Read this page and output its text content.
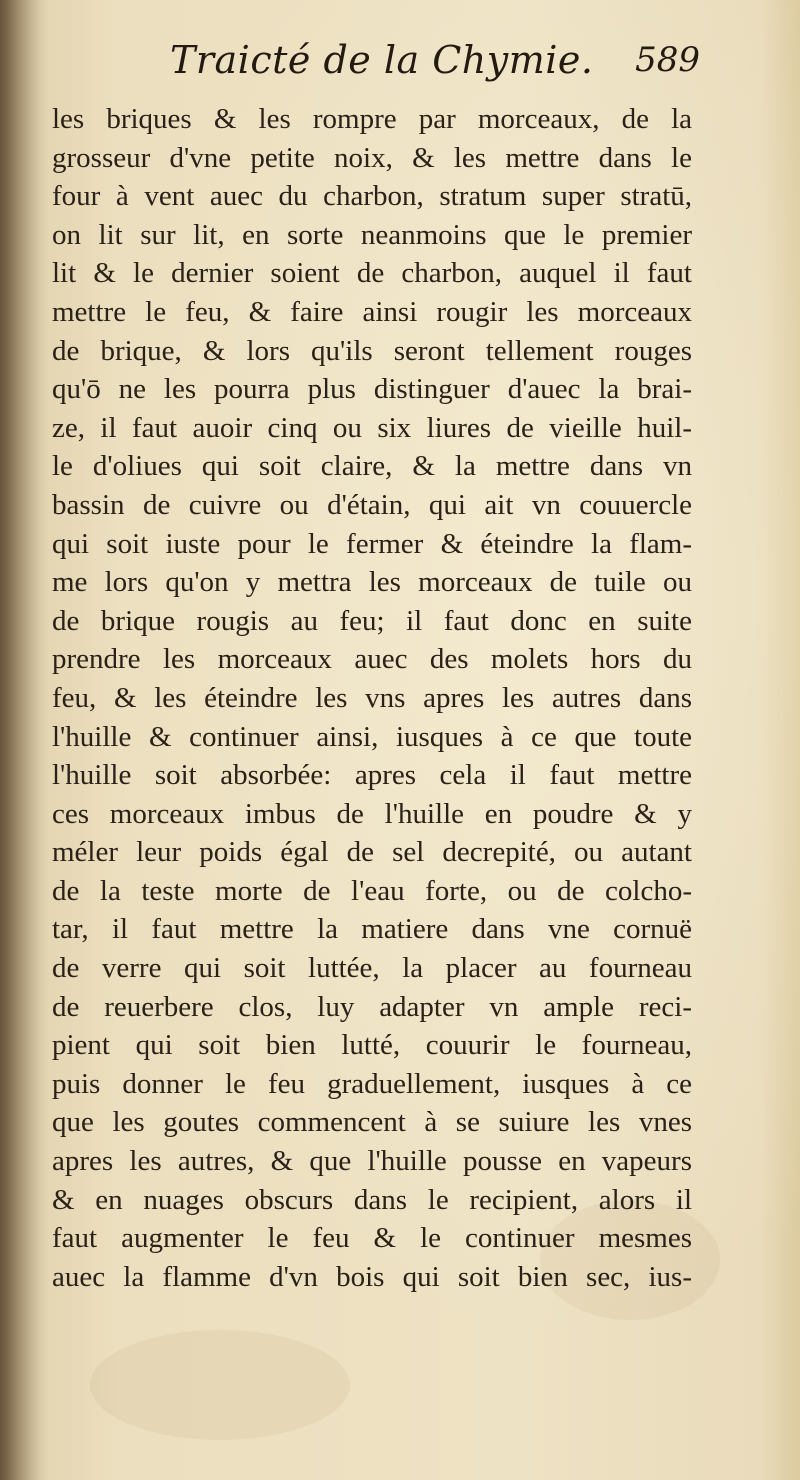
Traicté de la Chymie. 589
les briques & les rompre par morceaux, de la
grosseur d'vne petite noix, & les mettre dans le
four à vent auec du charbon, stratum super stratū,
on lit sur lit, en sorte neanmoins que le premier
lit & le dernier soient de charbon, auquel il faut
mettre le feu, & faire ainsi rougir les morceaux
de brique, & lors qu'ils seront tellement rouges
qu'ō ne les pourra plus distinguer d'auec la brai-
ze, il faut auoir cinq ou six liures de vieille huil-
le d'oliues qui soit claire, & la mettre dans vn
bassin de cuivre ou d'étain, qui ait vn couuercle
qui soit iuste pour le fermer & éteindre la flam-
me lors qu'on y mettra les morceaux de tuile ou
de brique rougis au feu; il faut donc en suite
prendre les morceaux auec des molets hors du
feu, & les éteindre les vns apres les autres dans
l'huille & continuer ainsi, iusques à ce que toute
l'huille soit absorbée: apres cela il faut mettre
ces morceaux imbus de l'huille en poudre & y
méler leur poids égal de sel decrepité, ou autant
de la teste morte de l'eau forte, ou de colcho-
tar, il faut mettre la matiere dans vne cornuë
de verre qui soit luttée, la placer au fourneau
de reuerbere clos, luy adapter vn ample reci-
pient qui soit bien lutté, couurir le fourneau,
puis donner le feu graduellement, iusques à ce
que les goutes commencent à se suiure les vnes
apres les autres, & que l'huille pousse en vapeurs
& en nuages obscurs dans le recipient, alors il
faut augmenter le feu & le continuer mesmes
auec la flamme d'vn bois qui soit bien sec, ius-
